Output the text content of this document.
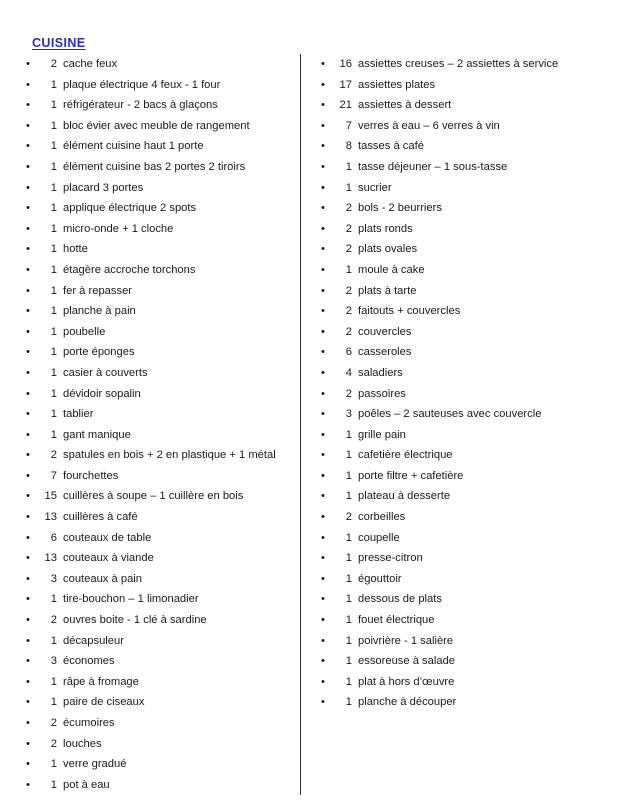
CUISINE
• 2 cache feux
• 1 plaque électrique 4 feux - 1 four
• 1 réfrigérateur - 2 bacs à glaçons
• 1 bloc évier avec meuble de rangement
• 1 élément cuisine haut 1 porte
• 1 élément cuisine bas 2 portes 2 tiroirs
• 1 placard 3 portes
• 1 applique électrique 2 spots
• 1 micro-onde + 1 cloche
• 1 hotte
• 1 étagère accroche torchons
• 1 fer à repasser
• 1 planche à pain
• 1 poubelle
• 1 porte éponges
• 1 casier à couverts
• 1 dévidoir sopalin
• 1 tablier
• 1 gant manique
• 2 spatules en bois + 2 en plastique + 1 métal
• 7 fourchettes
• 15 cuillères à soupe – 1 cuillère en bois
• 13 cuillères à café
• 6 couteaux de table
• 13 couteaux à viande
• 3 couteaux à pain
• 1 tire-bouchon – 1 limonadier
• 2 ouvres boite - 1 clé à sardine
• 1 décapsuleur
• 3 économes
• 1 râpe à fromage
• 1 paire de ciseaux
• 2 écumoires
• 2 louches
• 1 verre gradué
• 1 pot à eau
• 16 assiettes creuses – 2 assiettes à service
• 17 assiettes plates
• 21 assiettes à dessert
• 7 verres à eau – 6 verres à vin
• 8 tasses à café
• 1 tasse déjeuner – 1 sous-tasse
• 1 sucrier
• 2 bols - 2 beurriers
• 2 plats ronds
• 2 plats ovales
• 1 moule à cake
• 2 plats à tarte
• 2 faitouts + couvercles
• 2 couvercles
• 6 casseroles
• 4 saladiers
• 2 passoires
• 3 poêles – 2 sauteuses avec couvercle
• 1 grille pain
• 1 cafetière électrique
• 1 porte filtre + cafetière
• 1 plateau à desserte
• 2 corbeilles
• 1 coupelle
• 1 presse-citron
• 1 égouttoir
• 1 dessous de plats
• 1 fouet électrique
• 1 poivrière - 1 salière
• 1 essoreuse à salade
• 1 plat à hors d’œuvre
• 1 planche à découper
